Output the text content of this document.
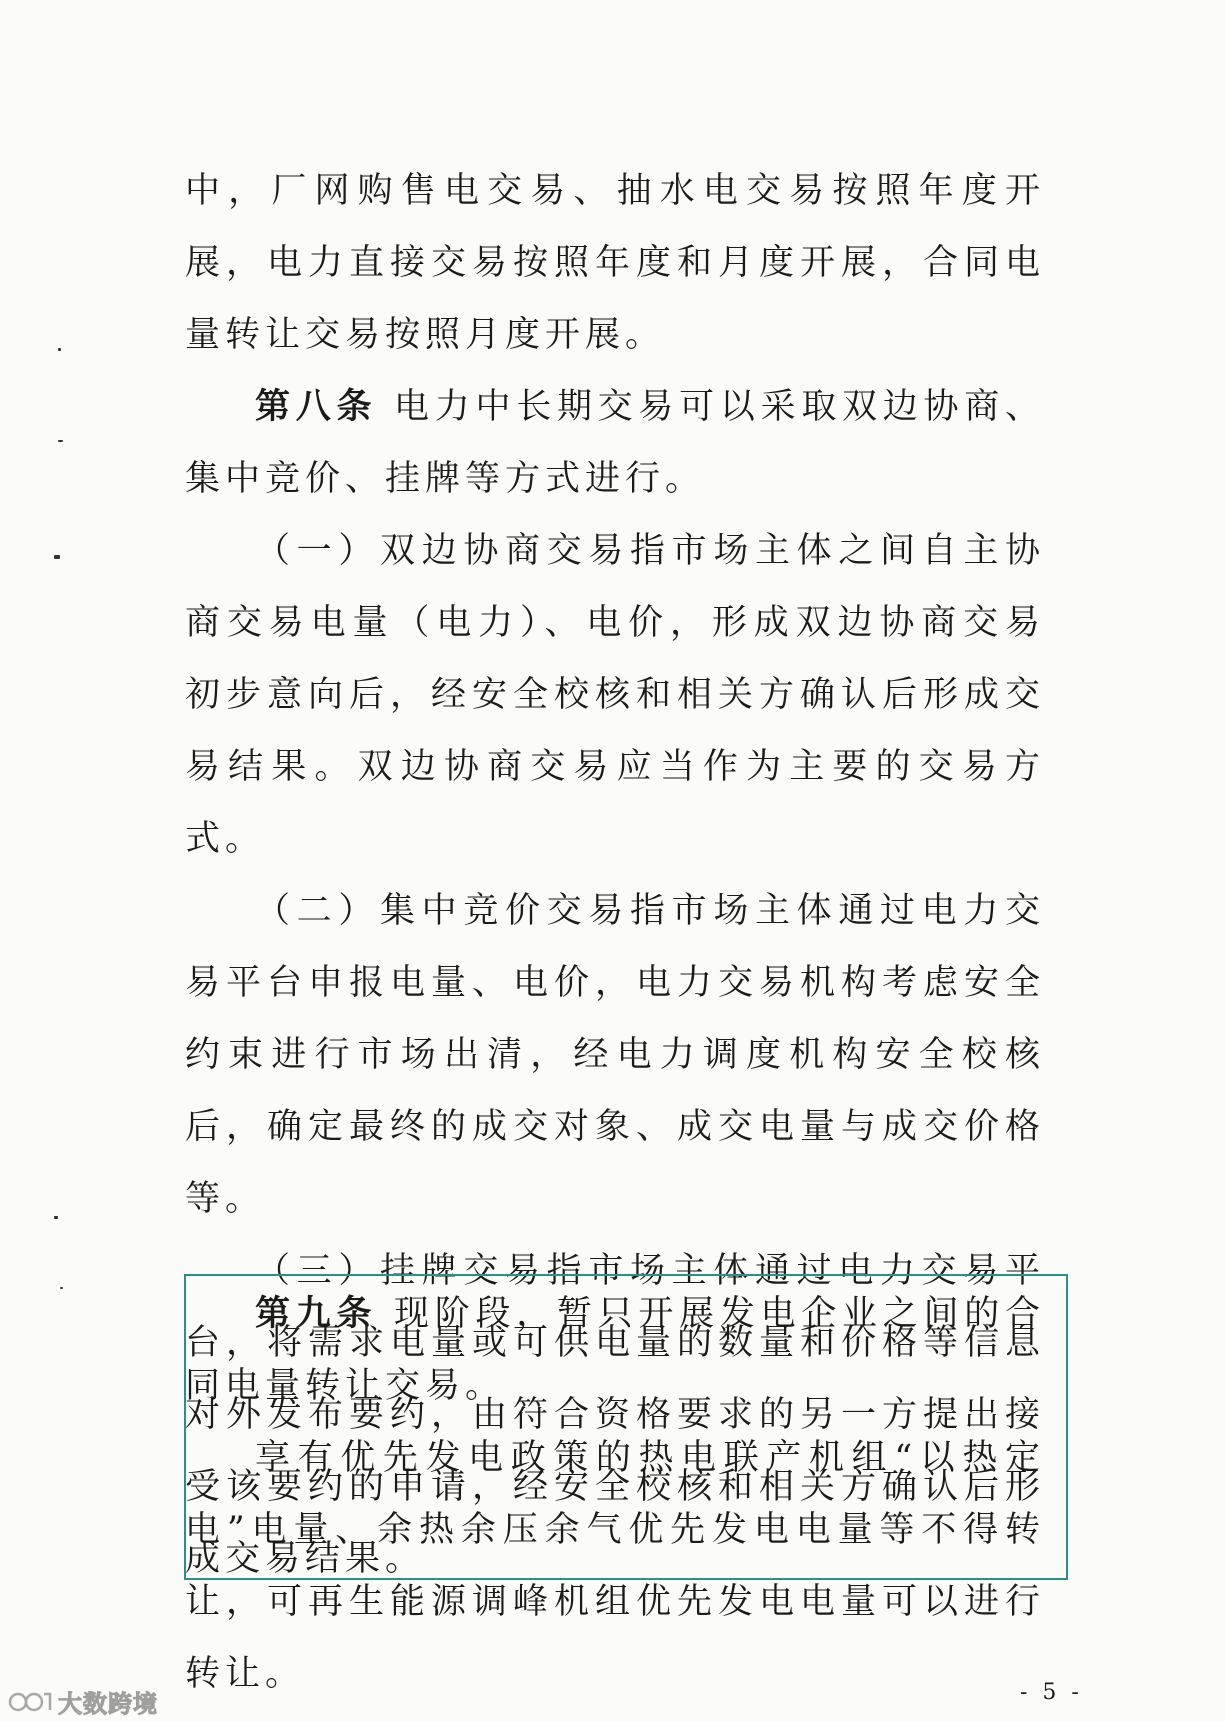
中，厂网购售电交易、抽水电交易按照年度开展，电力直接交易按照年度和月度开展，合同电量转让交易按照月度开展。

第八条 电力中长期交易可以采取双边协商、集中竞价、挂牌等方式进行。

（一）双边协商交易指市场主体之间自主协商交易电量（电力）、电价，形成双边协商交易初步意向后，经安全校核和相关方确认后形成交易结果。双边协商交易应当作为主要的交易方式。

（二）集中竞价交易指市场主体通过电力交易平台申报电量、电价，电力交易机构考虑安全约束进行市场出清，经电力调度机构安全校核后，确定最终的成交对象、成交电量与成交价格等。

（三）挂牌交易指市场主体通过电力交易平台，将需求电量或可供电量的数量和价格等信息对外发布要约，由符合资格要求的另一方提出接受该要约的申请，经安全校核和相关方确认后形成交易结果。

第九条 现阶段，暂只开展发电企业之间的合同电量转让交易。

享有优先发电政策的热电联产机组“以热定电”电量、余热余压余气优先发电电量等不得转让，可再生能源调峰机组优先发电电量可以进行转让。	- 5 -
大数跨境
